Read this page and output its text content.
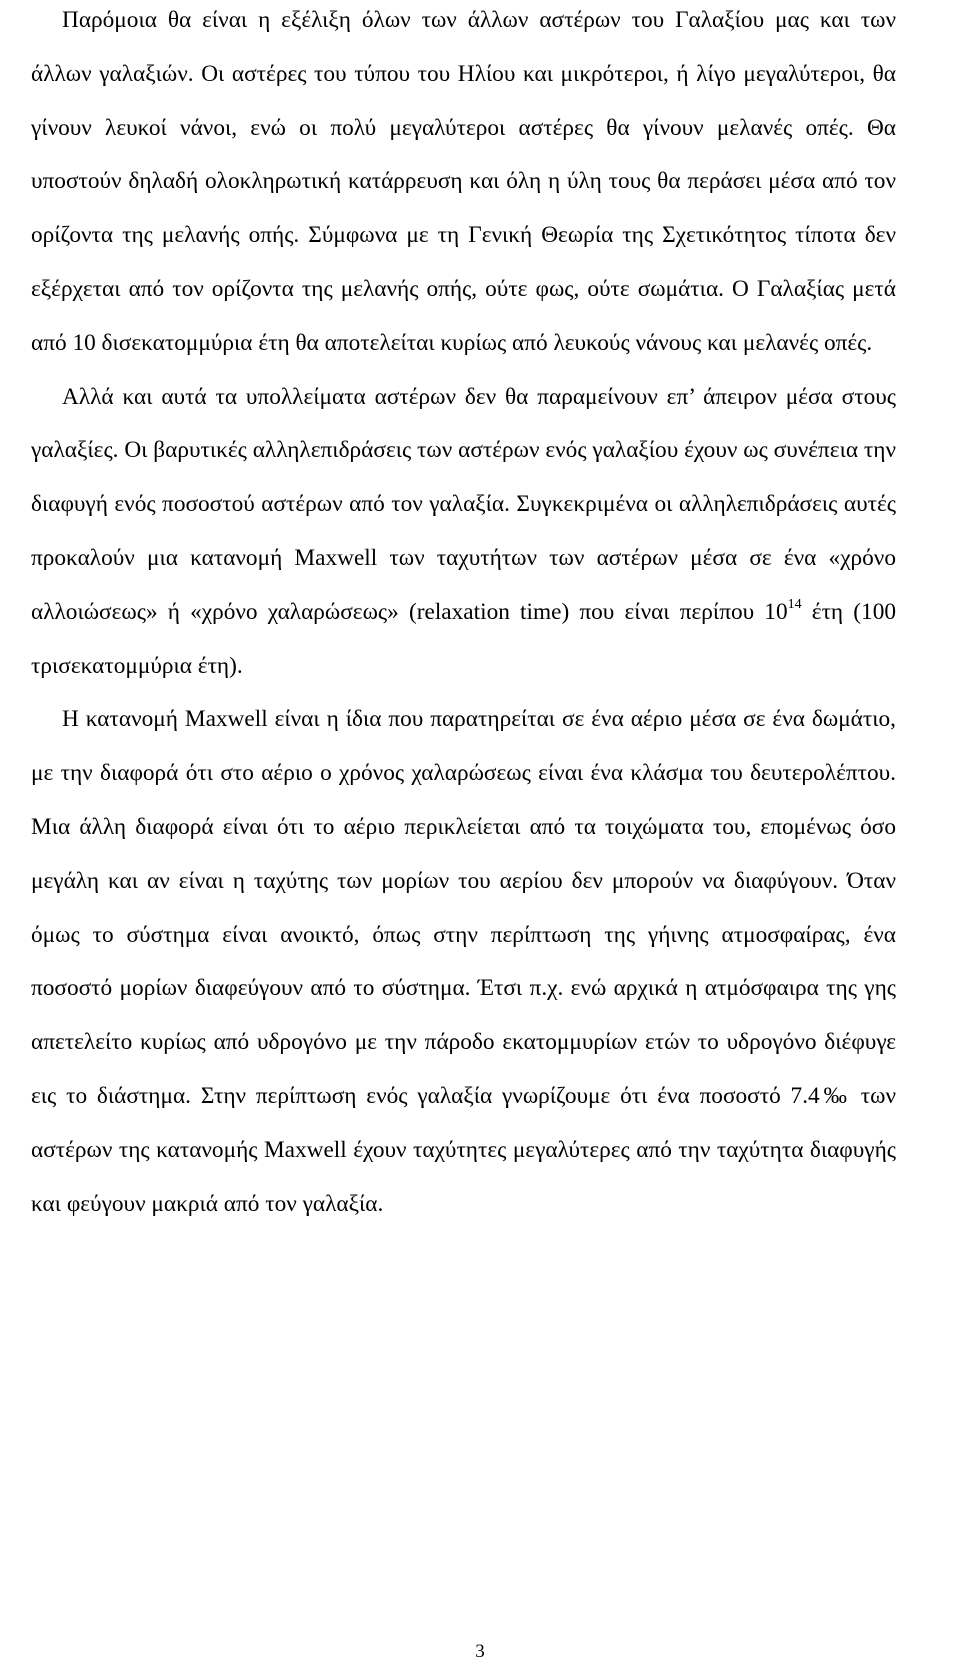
Παρόμοια θα είναι η εξέλιξη όλων των άλλων αστέρων του Γαλαξίου μας και των άλλων γαλαξιών. Οι αστέρες του τύπου του Ηλίου και μικρότεροι, ή λίγο μεγαλύτεροι, θα γίνουν λευκοί νάνοι, ενώ οι πολύ μεγαλύτεροι αστέρες θα γίνουν μελανές οπές. Θα υποστούν δηλαδή ολοκληρωτική κατάρρευση και όλη η ύλη τους θα περάσει μέσα από τον ορίζοντα της μελανής οπής. Σύμφωνα με τη Γενική Θεωρία της Σχετικότητος τίποτα δεν εξέρχεται από τον ορίζοντα της μελανής οπής, ούτε φως, ούτε σωμάτια. Ο Γαλαξίας μετά από 10 δισεκατομμύρια έτη θα αποτελείται κυρίως από λευκούς νάνους και μελανές οπές.

Αλλά και αυτά τα υπολλείματα αστέρων δεν θα παραμείνουν επ’ άπειρον μέσα στους γαλαξίες. Οι βαρυτικές αλληλεπιδράσεις των αστέρων ενός γαλαξίου έχουν ως συνέπεια την διαφυγή ενός ποσοστού αστέρων από τον γαλαξία. Συγκεκριμένα οι αλληλεπιδράσεις αυτές προκαλούν μια κατανομή Maxwell των ταχυτήτων των αστέρων μέσα σε ένα «χρόνο αλλοιώσεως» ή «χρόνο χαλαρώσεως» (relaxation time) που είναι περίπου $10^{14}$ έτη (100 τρισεκατομμύρια έτη).

Η κατανομή Maxwell είναι η ίδια που παρατηρείται σε ένα αέριο μέσα σε ένα δωμάτιο, με την διαφορά ότι στο αέριο ο χρόνος χαλαρώσεως είναι ένα κλάσμα του δευτερολέπτου. Μια άλλη διαφορά είναι ότι το αέριο περικλείεται από τα τοιχώματα του, επομένως όσο μεγάλη και αν είναι η ταχύτης των μορίων του αερίου δεν μπορούν να διαφύγουν. Όταν όμως το σύστημα είναι ανοικτό, όπως στην περίπτωση της γήινης ατμοσφαίρας, ένα ποσοστό μορίων διαφεύγουν από το σύστημα. Έτσι π.χ. ενώ αρχικά η ατμόσφαιρα της γης απετελείτο κυρίως από υδρογόνο με την πάροδο εκατομμυρίων ετών το υδρογόνο διέφυγε εις το διάστημα. Στην περίπτωση ενός γαλαξία γνωρίζουμε ότι ένα ποσοστό 7.4‰ των αστέρων της κατανομής Maxwell έχουν ταχύτητες μεγαλύτερες από την ταχύτητα διαφυγής και φεύγουν μακριά από τον γαλαξία.

3
